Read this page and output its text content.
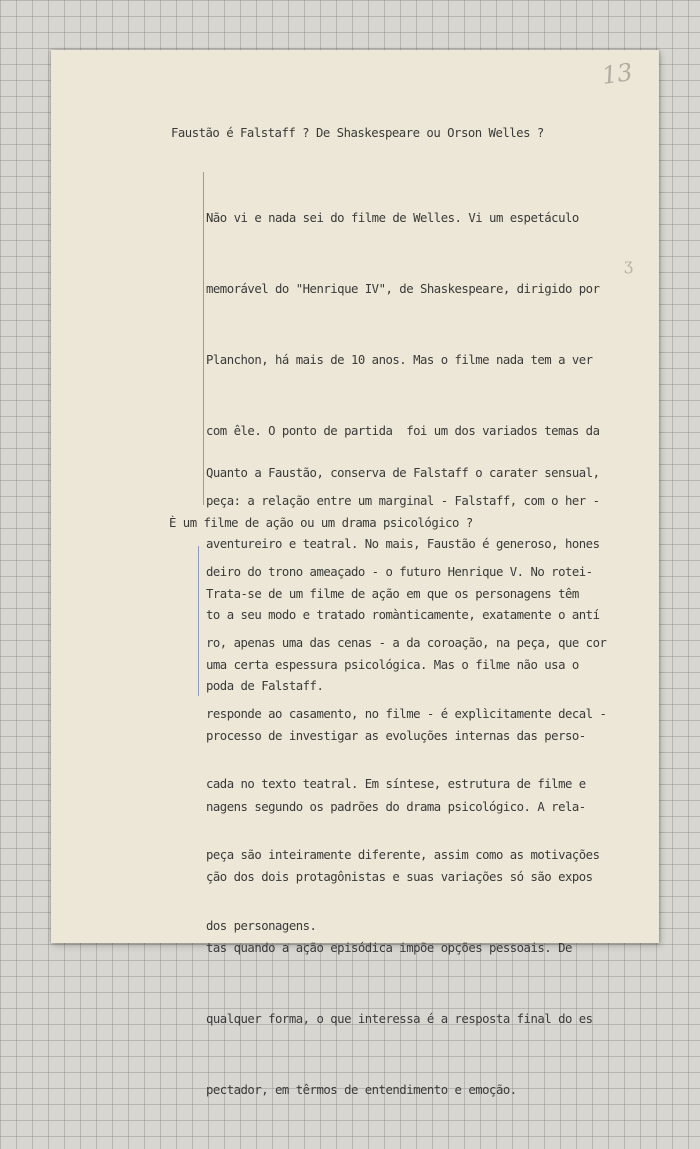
13
ʒ
Faustão é Falstaff ? De Shaskespeare ou Orson Welles ?

Não vi e nada sei do filme de Welles. Vi um espetáculo

memorável do "Henrique IV", de Shaskespeare, dirigido por

Planchon, há mais de 10 anos. Mas o filme nada tem a ver

com êle. O ponto de partida  foi um dos variados temas da

peça: a relação entre um marginal - Falstaff, com o her -

deiro do trono ameaçado - o futuro Henrique V. No rotei-

ro, apenas uma das cenas - a da coroação, na peça, que cor

responde ao casamento, no filme - é explìcitamente decal -

cada no texto teatral. Em síntese, estrutura de filme e

peça são inteiramente diferente, assim como as motivações

dos personagens.

Quanto a Faustão, conserva de Falstaff o carater sensual,

aventureiro e teatral. No mais, Faustão é generoso, hones

to a seu modo e tratado romànticamente, exatamente o antí

poda de Falstaff.

È um filme de ação ou um drama psicológico ?

Trata-se de um filme de ação em que os personagens têm

uma certa espessura psicológica. Mas o filme não usa o

processo de investigar as evoluções internas das perso-

nagens segundo os padrões do drama psicológico. A rela-

ção dos dois protagônistas e suas variações só são expos

tas quando a ação episódica impõe opções pessoais. De

qualquer forma, o que interessa é a resposta final do es

pectador, em têrmos de entendimento e emoção.
